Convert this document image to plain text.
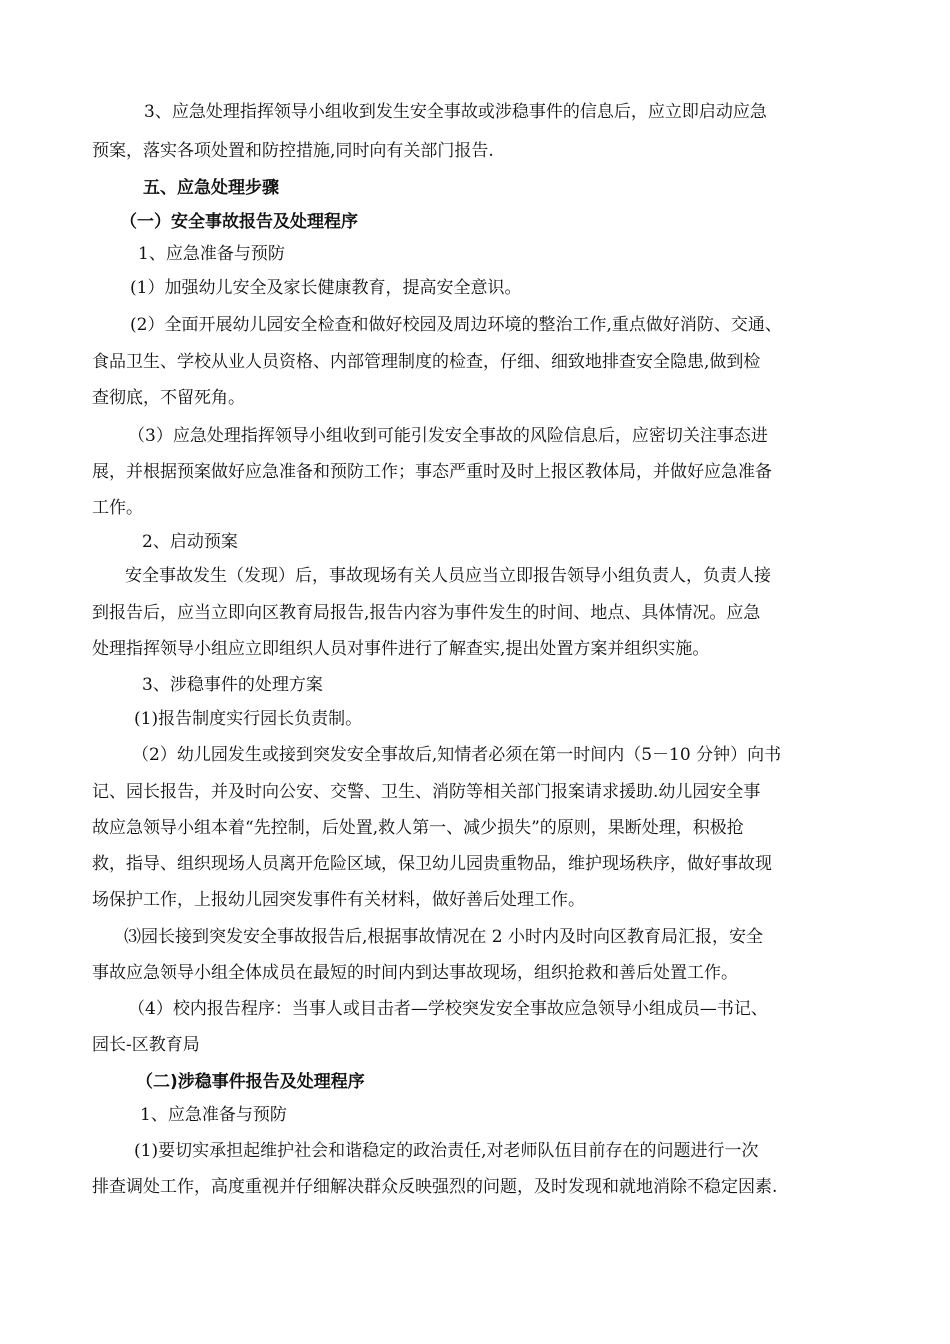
3、应急处理指挥领导小组收到发生安全事故或涉稳事件的信息后，应立即启动应急
预案，落实各项处置和防控措施,同时向有关部门报告.
五、应急处理步骤
（一）安全事故报告及处理程序
1、应急准备与预防
(1）加强幼儿安全及家长健康教育，提高安全意识。
(2）全面开展幼儿园安全检查和做好校园及周边环境的整治工作,重点做好消防、交通、
食品卫生、学校从业人员资格、内部管理制度的检查，仔细、细致地排查安全隐患,做到检
查彻底，不留死角。
（3）应急处理指挥领导小组收到可能引发安全事故的风险信息后，应密切关注事态进
展，并根据预案做好应急准备和预防工作；事态严重时及时上报区教体局，并做好应急准备
工作。
2、启动预案
安全事故发生（发现）后，事故现场有关人员应当立即报告领导小组负责人，负责人接
到报告后，应当立即向区教育局报告,报告内容为事件发生的时间、地点、具体情况。应急
处理指挥领导小组应立即组织人员对事件进行了解查实,提出处置方案并组织实施。
3、涉稳事件的处理方案
(1)报告制度实行园长负责制。
（2）幼儿园发生或接到突发安全事故后,知情者必须在第一时间内（5－10 分钟）向书
记、园长报告，并及时向公安、交警、卫生、消防等相关部门报案请求援助.幼儿园安全事
故应急领导小组本着“先控制，后处置,救人第一、减少损失”的原则，果断处理，积极抢
救，指导、组织现场人员离开危险区域，保卫幼儿园贵重物品，维护现场秩序，做好事故现
场保护工作，上报幼儿园突发事件有关材料，做好善后处理工作。
⑶园长接到突发安全事故报告后,根据事故情况在 2 小时内及时向区教育局汇报，安全
事故应急领导小组全体成员在最短的时间内到达事故现场，组织抢救和善后处置工作。
（4）校内报告程序：当事人或目击者—学校突发安全事故应急领导小组成员—书记、
园长-区教育局
（二)涉稳事件报告及处理程序
1、应急准备与预防
(1)要切实承担起维护社会和谐稳定的政治责任,对老师队伍目前存在的问题进行一次
排查调处工作，高度重视并仔细解决群众反映强烈的问题，及时发现和就地消除不稳定因素.
